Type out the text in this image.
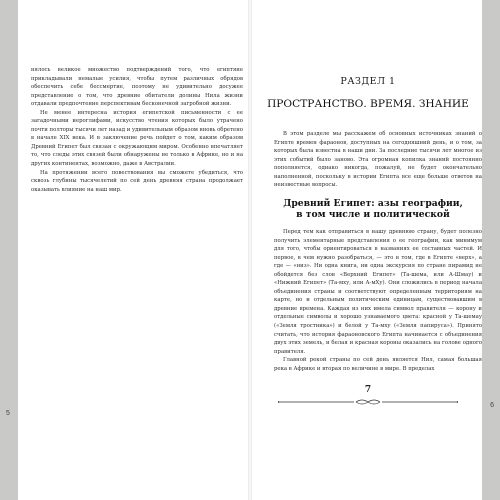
5
6

нялось великое множество подтверждений того, что египтяне прикладывали немалые усилия, чтобы путем различных обрядов обеспечить себе бессмертие, поэтому не удивительно досужее представление о том, что древние обитатели долины Нила жизни отдавали предпочтение перспективам бесконечной загробной жизни.

Не менее интересна история египетской письменности с ее загадочными иероглифами, искусство чтения которых было утрачено почти полторы тысячи лет назад и удивительным образом вновь обретено в начале XIX века. И в заключение речь пойдет о том, каким образом Древний Египет был связан с окружающим миром. Особенно впечатляет то, что следы этих связей были обнаружены не только в Африке, но и на других континентах, возможно, даже в Австралии.

На протяжении всего повествования вы сможете убедиться, что сквозь глубины тысячелетий по сей день древняя страна продолжает оказывать влияние на наш мир.

РАЗДЕЛ 1
ПРОСТРАНСТВО. ВРЕМЯ. ЗНАНИЕ

В этом разделе мы расскажем об основных источниках знаний о Египте времен фараонов, доступных на сегодняшний день, и о том, за которых была известна в наши дни. За последние тысячи лет многое из этих событий было заново. Эта огромная копилка знаний постоянно пополняется, однако никогда, пожалуй, не будет окончательно наполненной, поскольку в истории Египта все еще больше ответов на неизвестные вопросы.

Древний Египет: азы географии,
в том числе и политической

Перед тем как отправиться в нашу древнюю страну, будет полезно получить элементарные представления о ее географии, как минимум для того, чтобы ориентироваться в названиях ее составных частей. И первое, в чем нужно разобраться, — это в том, где в Египте «верх», а где — «низ». Ни одна книга, ни одна экскурсия по стране пирамид не обойдется без слов «Верхний Египет» (Та-шема, или А-Шмау) и «Нижний Египет» (Та-мху, или А-мХу). Они сложились в период начала объединения страны и соответствуют определенным территориям на карте, но и отдельным политическим единицам, существовавшим в древние времена. Каждая из них имела символ правителя — корону и отдельные символы и хорошо узнаваемого цвета: красной у Та-шемау («Земля тростника») и белой у Та-мху («Земля папируса»). Принято считать, что история фараоновского Египта начинается с объединения двух этих земель, и белая и красная короны оказались на голове одного правителя.

Главной рекой страны по сей день является Нил, самая большая река в Африке и вторая по величине в мире. В пределах

7
